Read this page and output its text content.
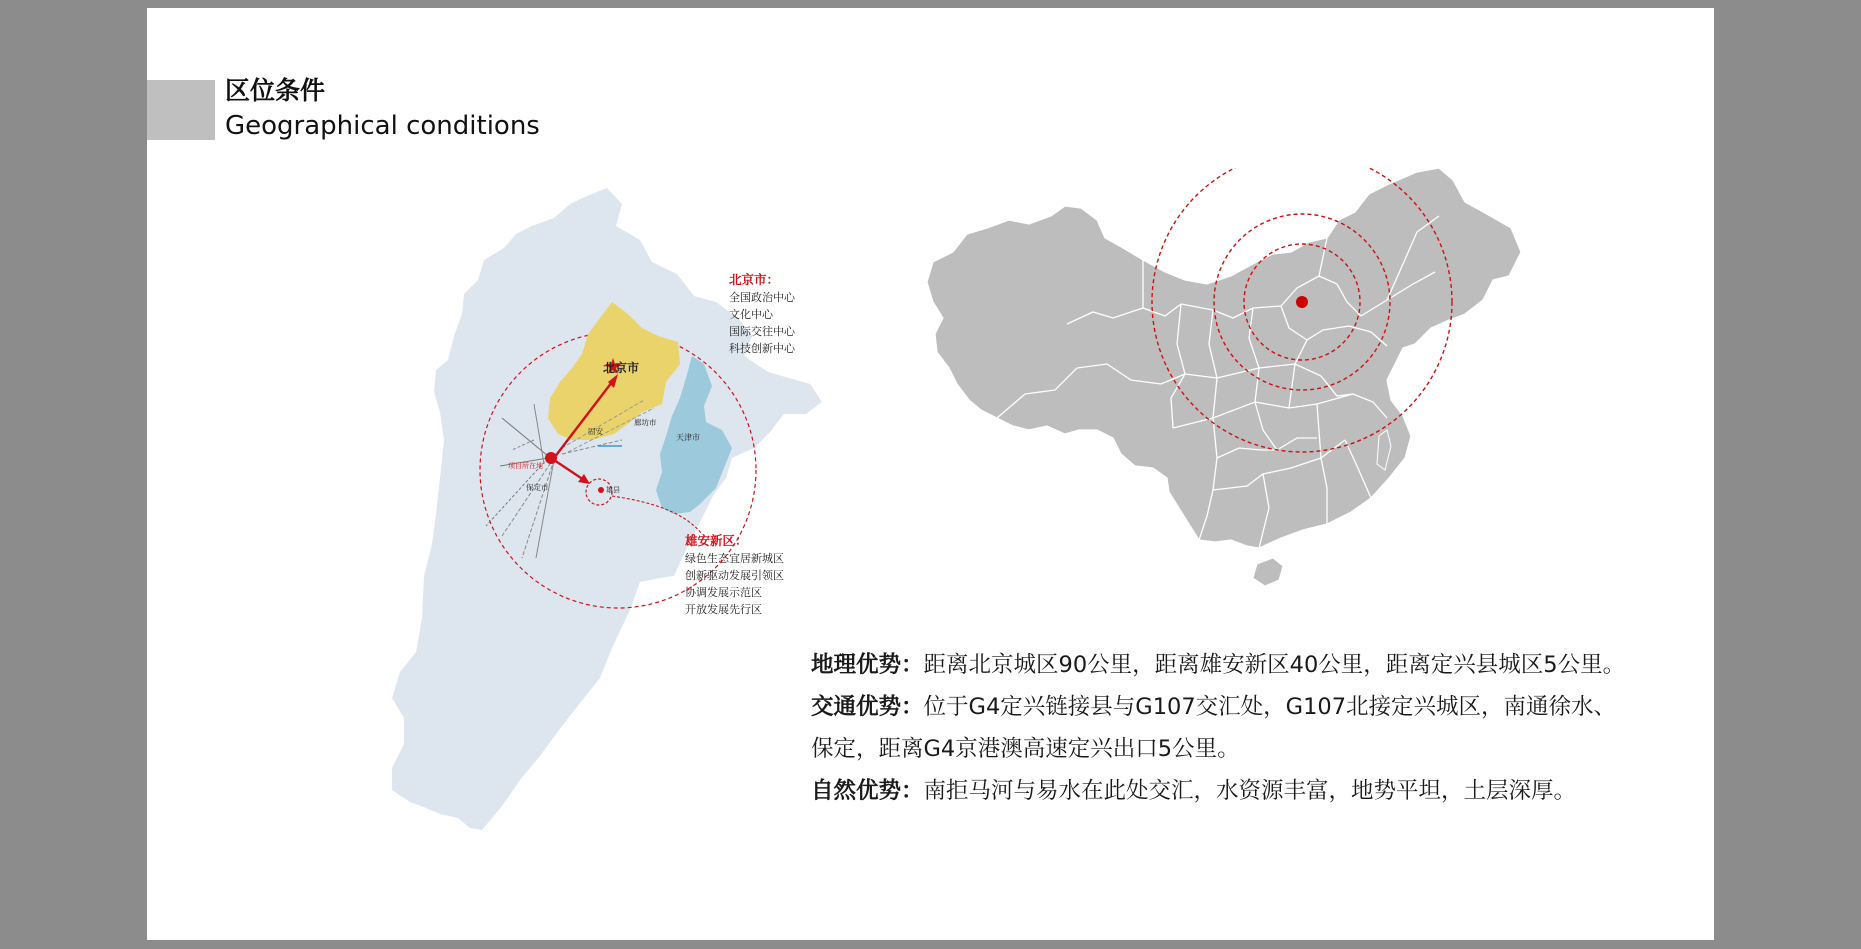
区位条件
Geographical conditions
北京市
天津市
廊坊市
固安
保定市	雄县
项目所在地
北京市：
全国政治中心
文化中心
国际交往中心
科技创新中心
雄安新区：
绿色生态宜居新城区
创新驱动发展引领区
协调发展示范区
开放发展先行区

地理优势：距离北京城区90公里，距离雄安新区40公里，距离定兴县城区5公里。

交通优势：位于G4定兴链接县与G107交汇处，G107北接定兴城区，南通徐水、

保定，距离G4京港澳高速定兴出口5公里。

自然优势：南拒马河与易水在此处交汇，水资源丰富，地势平坦，土层深厚。
